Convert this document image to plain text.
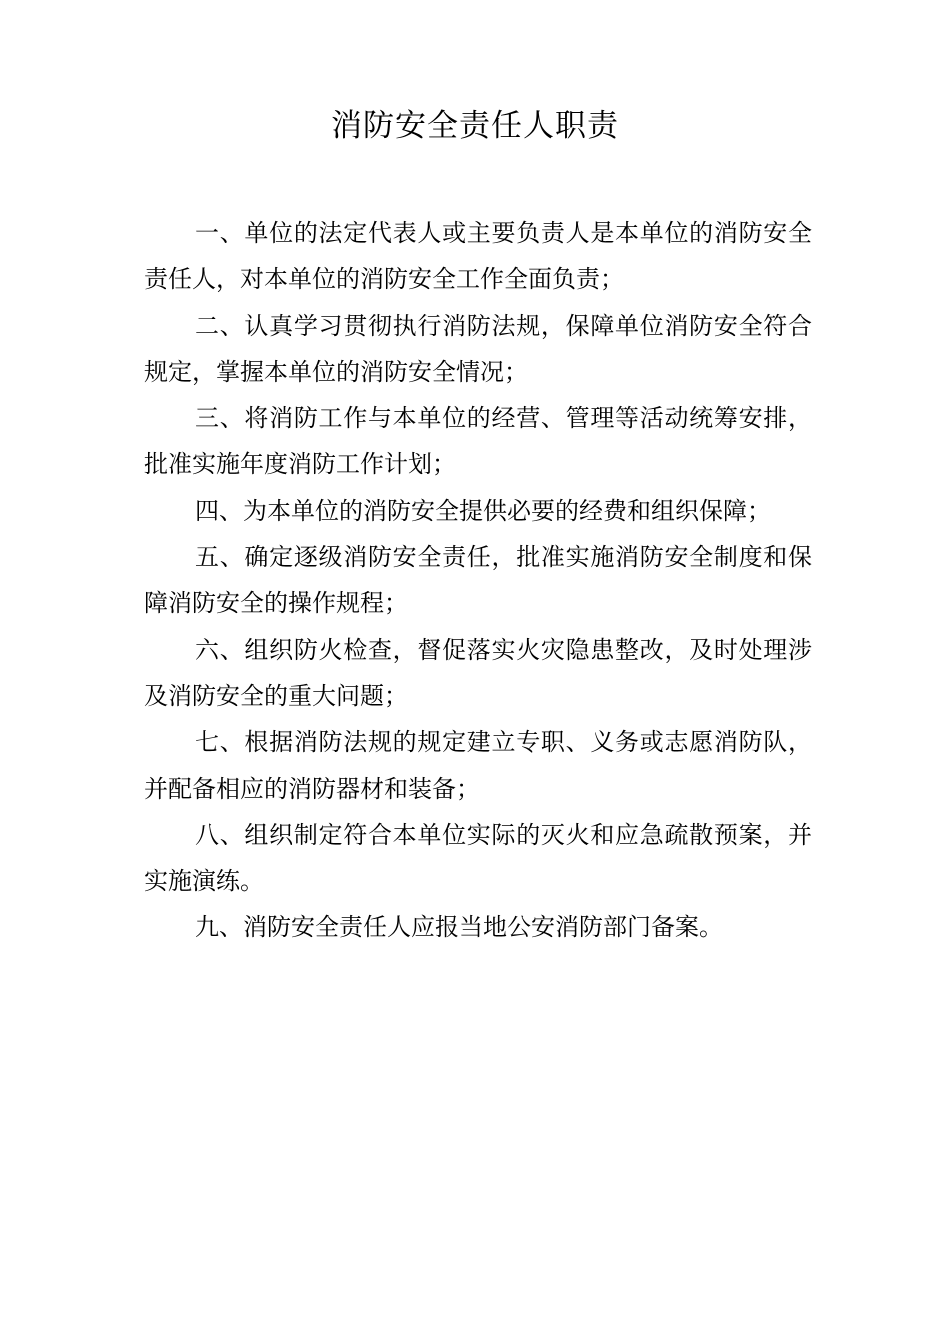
消防安全责任人职责

一、单位的法定代表人或主要负责人是本单位的消防安全责任人，对本单位的消防安全工作全面负责；

二、认真学习贯彻执行消防法规，保障单位消防安全符合规定，掌握本单位的消防安全情况；

三、将消防工作与本单位的经营、管理等活动统筹安排，批准实施年度消防工作计划；

四、为本单位的消防安全提供必要的经费和组织保障；

五、确定逐级消防安全责任，批准实施消防安全制度和保障消防安全的操作规程；

六、组织防火检查，督促落实火灾隐患整改，及时处理涉及消防安全的重大问题；

七、根据消防法规的规定建立专职、义务或志愿消防队，并配备相应的消防器材和装备；

八、组织制定符合本单位实际的灭火和应急疏散预案，并实施演练。

九、消防安全责任人应报当地公安消防部门备案。
